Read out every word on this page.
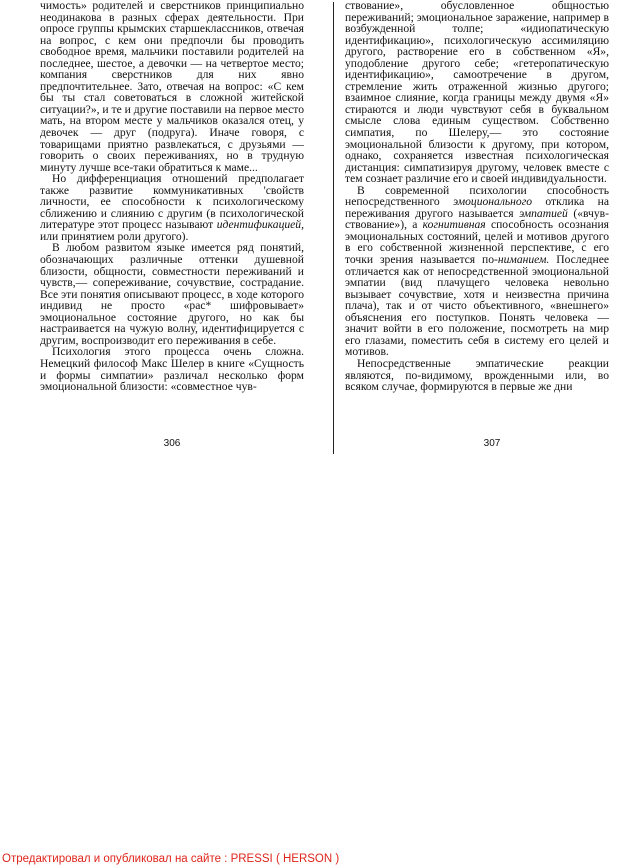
чимость» родителей и сверстников принципиально неодинакова в разных сферах деятельности. При опросе группы крымских старшеклассников, отвечая на вопрос, с кем они предпочли бы проводить свободное время, мальчики поставили родителей на последнее, шестое, а девочки — на четвертое место; компания сверстников для них явно предпочтительнее. Зато, отвечая на вопрос: «С кем бы ты стал советоваться в сложной житейской ситуации?», и те и другие поставили на первое место мать, на втором месте у мальчиков оказался отец, у девочек — друг (подруга). Иначе говоря, с товарищами приятно развлекаться, с друзьями — говорить о своих переживаниях, но в трудную минуту лучше все-таки обратиться к маме...

Но дифференциация отношений предполагает также развитие коммуникативных 'свойств личности, ее способности к психологическому сближению и слиянию с другим (в психологической литературе этот процесс называют идентификацией, или принятием роли другого).

В любом развитом языке имеется ряд понятий, обозначающих различные оттенки душевной близости, общности, совместности переживаний и чувств,— сопереживание, сочувствие, сострадание. Все эти понятия описывают процесс, в ходе которого индивид не просто «рас* шифровывает» эмоциональное состояние другого, но как бы настраивается на чужую волну, идентифицируется с другим, воспроизводит его переживания в себе.

Психология этого процесса очень сложна. Немецкий философ Макс Шелер в книге «Сущность и формы симпатии» различал несколько форм эмоциональной близости: «совместное чув-

ствование», обусловленное общностью переживаний; эмоциональное заражение, например в возбужденной толпе; «идиопатическую идентификацию», психологическую ассимиляцию другого, растворение его в собственном «Я», уподобление другого себе; «гетеропатическую идентификацию», самоотречение в другом, стремление жить отраженной жизнью другого; взаимное слияние, когда границы между двумя «Я» стираются и люди чувствуют себя в буквальном смысле слова единым существом. Собственно симпатия, по Шелеру,— это состояние эмоциональной близости к другому, при котором, однако, сохраняется известная психологическая дистанция: симпатизируя другому, человек вместе с тем сознает различие его и своей индивидуальности.

В современной психологии способность непосредственного эмоционального отклика на переживания другого называется эмпатией («вчув-ствование»), а когнитивная способность осознания эмоциональных состояний, целей и мотивов другого в его собственной жизненной перспективе, с его точки зрения называется по-ниманием. Последнее отличается как от непосредственной эмоциональной эмпатии (вид плачущего человека невольно вызывает сочувствие, хотя и неизвестна причина плача), так и от чисто объективного, «внешнего» объяснения его поступков. Понять человека — значит войти в его положение, посмотреть на мир его глазами, поместить себя в систему его целей и мотивов.

Непосредственные эмпатические реакции являются, по-видимому, врожденными или, во всяком случае, формируются в первые же дни

306	307
Отредактировал и опубликовал на сайте : PRESSI ( HERSON )
